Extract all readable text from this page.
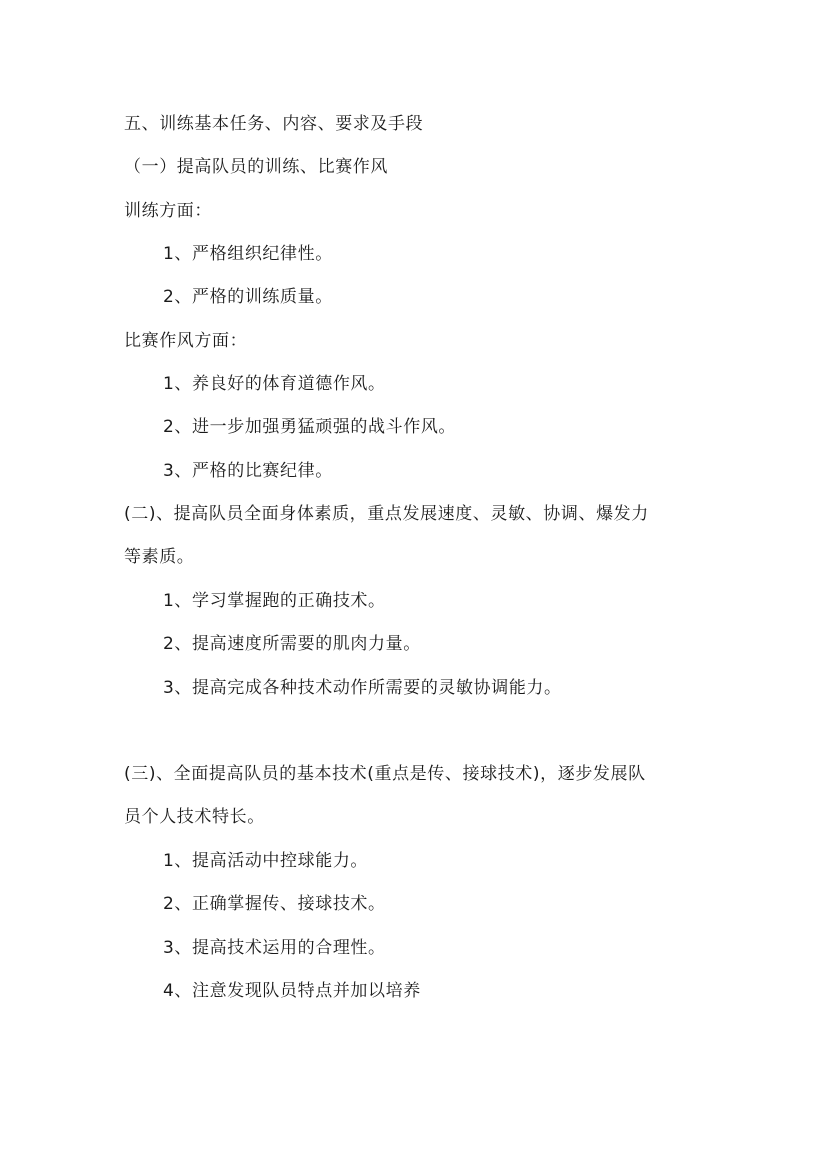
五、训练基本任务、内容、要求及手段
（一）提高队员的训练、比赛作风
训练方面：
1、严格组织纪律性。
2、严格的训练质量。
比赛作风方面：
1、养良好的体育道德作风。
2、进一步加强勇猛顽强的战斗作风。
3、严格的比赛纪律。
(二)、提高队员全面身体素质，重点发展速度、灵敏、协调、爆发力
等素质。
1、学习掌握跑的正确技术。
2、提高速度所需要的肌肉力量。
3、提高完成各种技术动作所需要的灵敏协调能力。
(三)、全面提高队员的基本技术(重点是传、接球技术)，逐步发展队
员个人技术特长。
1、提高活动中控球能力。
2、正确掌握传、接球技术。
3、提高技术运用的合理性。
4、注意发现队员特点并加以培养
